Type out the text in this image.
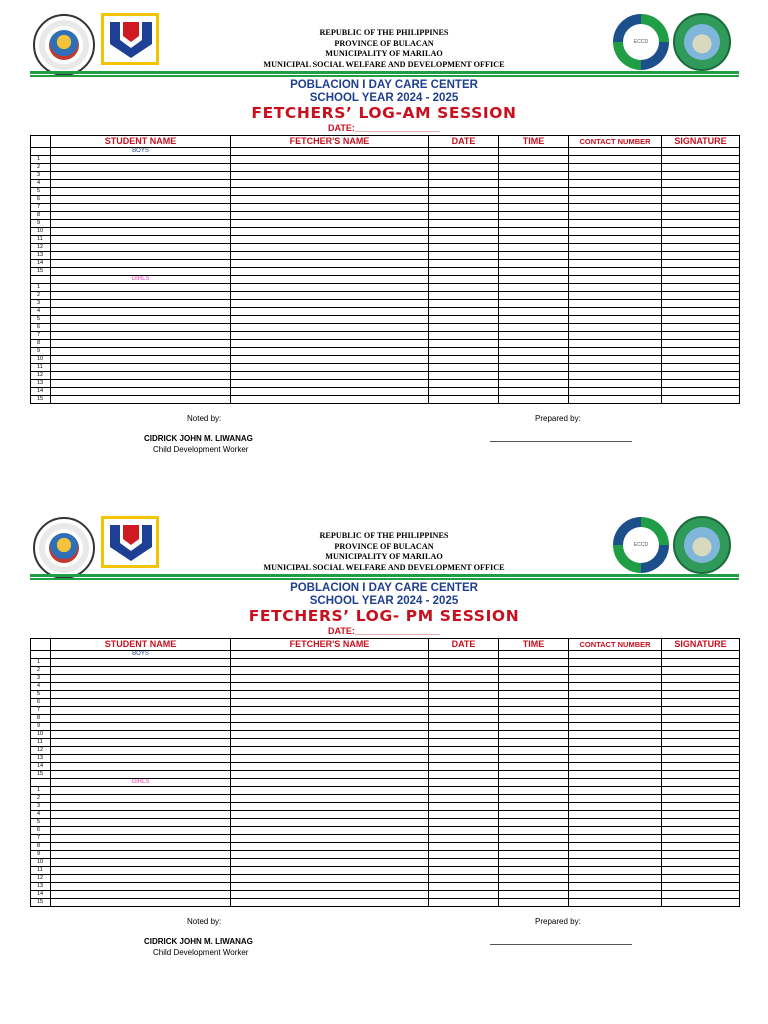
REPUBLIC OF THE PHILIPPINES
PROVINCE OF BULACAN
MUNICIPALITY OF MARILAO
MUNICIPAL SOCIAL WELFARE AND DEVELOPMENT OFFICE
ECCD
POBLACION I DAY CARE CENTER
SCHOOL YEAR 2024 - 2025
FETCHERS’ LOG-AM SESSION
DATE:_________________
	STUDENT NAME	FETCHER'S NAME	DATE	TIME	CONTACT NUMBER	SIGNATURE
	BOYS					
1						
2						
3						
4						
5						
6						
7						
8						
9						
10						
11						
12						
13						
14						
15						
	GIRLS					
1						
2						
3						
4						
5						
6						
7						
8						
9						
10						
11						
12						
13						
14						
15						
Noted by:	Prepared by:
CIDRICK JOHN M. LIWANAG
Child Development Worker
REPUBLIC OF THE PHILIPPINES
PROVINCE OF BULACAN
MUNICIPALITY OF MARILAO
MUNICIPAL SOCIAL WELFARE AND DEVELOPMENT OFFICE
ECCD
POBLACION I DAY CARE CENTER
SCHOOL YEAR 2024 - 2025
FETCHERS’ LOG- PM SESSION
DATE:_________________
	STUDENT NAME	FETCHER'S NAME	DATE	TIME	CONTACT NUMBER	SIGNATURE
	BOYS					
1						
2						
3						
4						
5						
6						
7						
8						
9						
10						
11						
12						
13						
14						
15						
	GIRLS					
1						
2						
3						
4						
5						
6						
7						
8						
9						
10						
11						
12						
13						
14						
15						
Noted by:	Prepared by:
CIDRICK JOHN M. LIWANAG
Child Development Worker
